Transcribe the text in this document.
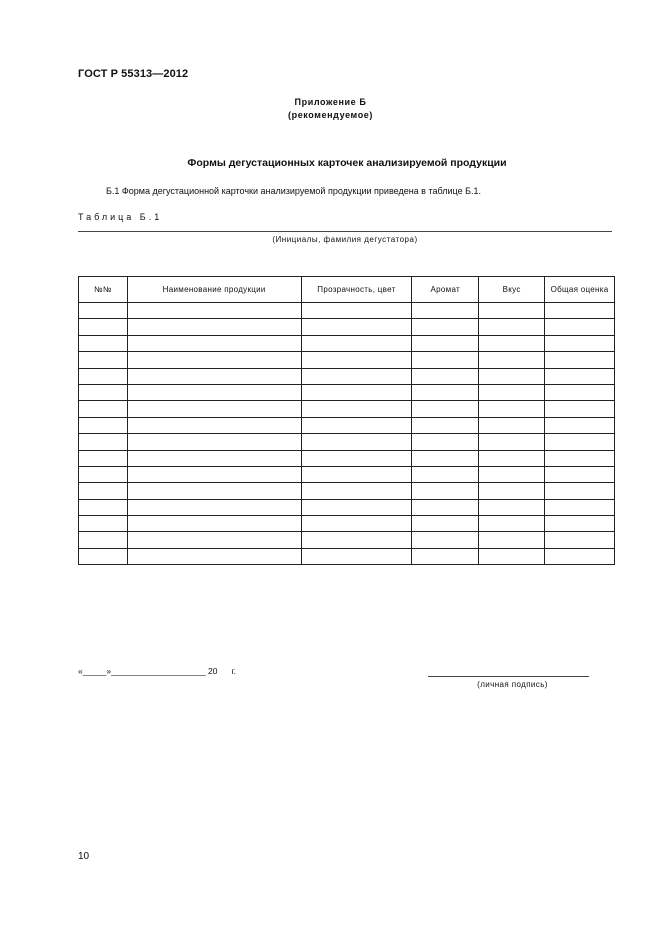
ГОСТ Р 55313—2012
Приложение Б
(рекомендуемое)
Формы дегустационных карточек анализируемой продукции
Б.1 Форма дегустационной карточки анализируемой продукции приведена в таблице Б.1.
Таблица Б.1
(Инициалы, фамилия дегустатора)
№№	Наименование продукции	Прозрачность, цвет	Аромат	Вкус	Общая оценка

«_____»____________________ 20      г.
(личная подпись)
10
